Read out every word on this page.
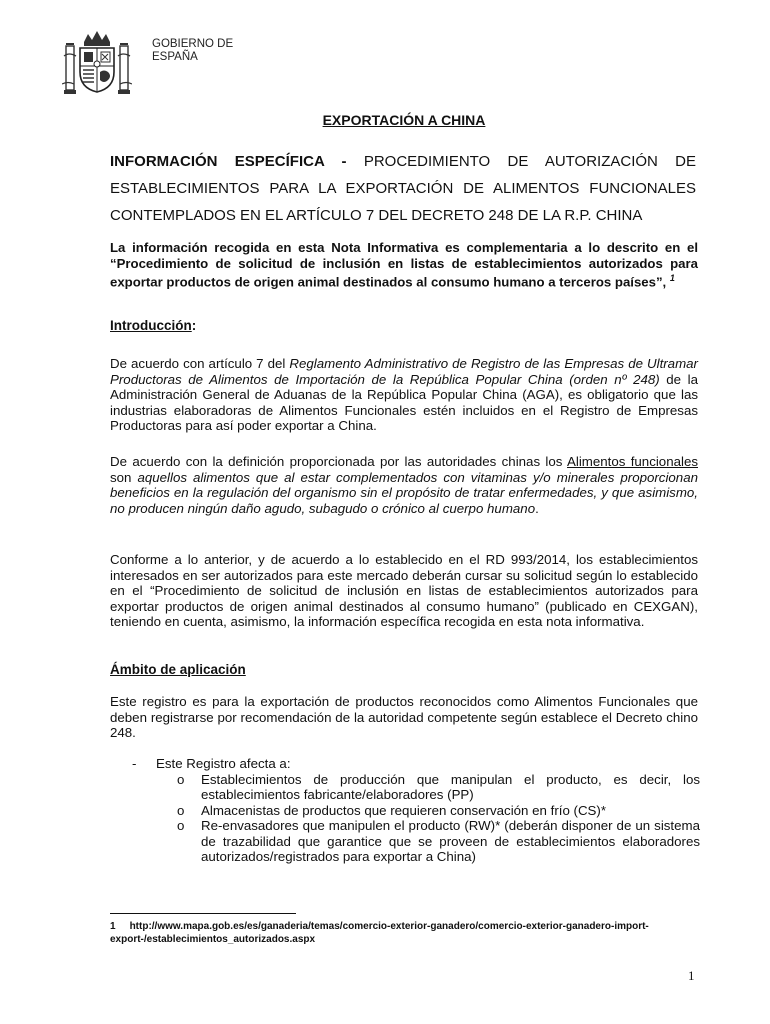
GOBIERNO DE
ESPAÑA
EXPORTACIÓN A CHINA
INFORMACIÓN ESPECÍFICA - PROCEDIMIENTO DE AUTORIZACIÓN DE ESTABLECIMIENTOS PARA LA EXPORTACIÓN DE ALIMENTOS FUNCIONALES CONTEMPLADOS EN EL ARTÍCULO 7 DEL DECRETO 248 DE LA R.P. CHINA
La información recogida en esta Nota Informativa es complementaria a lo descrito en el “Procedimiento de solicitud de inclusión en listas de establecimientos autorizados para exportar productos de origen animal destinados al consumo humano a terceros países”, $^1$
Introducción:
De acuerdo con artículo 7 del Reglamento Administrativo de Registro de las Empresas de Ultramar Productoras de Alimentos de Importación de la República Popular China (orden nº 248) de la Administración General de Aduanas de la República Popular China (AGA), es obligatorio que las industrias elaboradoras de Alimentos Funcionales estén incluidos en el Registro de Empresas Productoras para así poder exportar a China.
De acuerdo con la definición proporcionada por las autoridades chinas los Alimentos funcionales son aquellos alimentos que al estar complementados con vitaminas y/o minerales proporcionan beneficios en la regulación del organismo sin el propósito de tratar enfermedades, y que asimismo, no producen ningún daño agudo, subagudo o crónico al cuerpo humano.
Conforme a lo anterior, y de acuerdo a lo establecido en el RD 993/2014, los establecimientos interesados en ser autorizados para este mercado deberán cursar su solicitud según lo establecido en el “Procedimiento de solicitud de inclusión en listas de establecimientos autorizados para exportar productos de origen animal destinados al consumo humano” (publicado en CEXGAN), teniendo en cuenta, asimismo, la información específica recogida en esta nota informativa.
Ámbito de aplicación
Este registro es para la exportación de productos reconocidos como Alimentos Funcionales que deben registrarse por recomendación de la autoridad competente según establece el Decreto chino 248.
- Este Registro afecta a:
o Establecimientos de producción que manipulan el producto, es decir, los establecimientos fabricante/elaboradores (PP)
o Almacenistas de productos que requieren conservación en frío (CS)*
o Re-envasadores que manipulen el producto (RW)* (deberán disponer de un sistema de trazabilidad que garantice que se proveen de establecimientos elaboradores autorizados/registrados para exportar a China)
1 http://www.mapa.gob.es/es/ganaderia/temas/comercio-exterior-ganadero/comercio-exterior-ganadero-import-export-/establecimientos_autorizados.aspx
1
